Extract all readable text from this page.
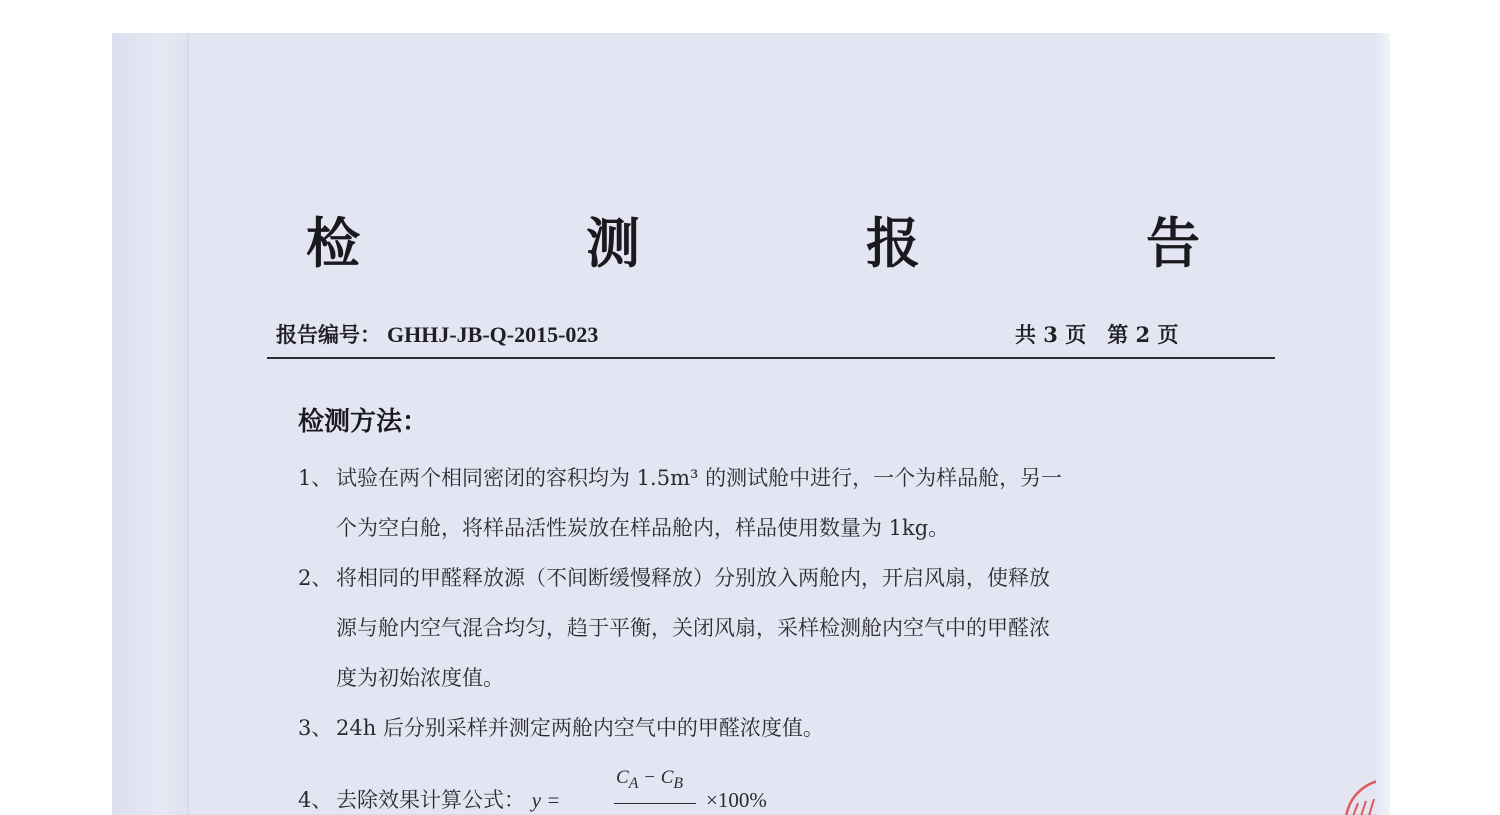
检　测　报　告
报告编号： GHHJ-JB-Q-2015-023	共 3 页　第 2 页
检测方法：
1、 试验在两个相同密闭的容积均为 1.5m³ 的测试舱中进行，一个为样品舱，另一
个为空白舱，将样品活性炭放在样品舱内，样品使用数量为 1kg。
2、 将相同的甲醛释放源（不间断缓慢释放）分别放入两舱内，开启风扇，使释放
源与舱内空气混合均匀，趋于平衡，关闭风扇，采样检测舱内空气中的甲醛浓
度为初始浓度值。
3、 24h 后分别采样并测定两舱内空气中的甲醛浓度值。
4、 去除效果计算公式： y =
$C_A - C_B$
×100%
